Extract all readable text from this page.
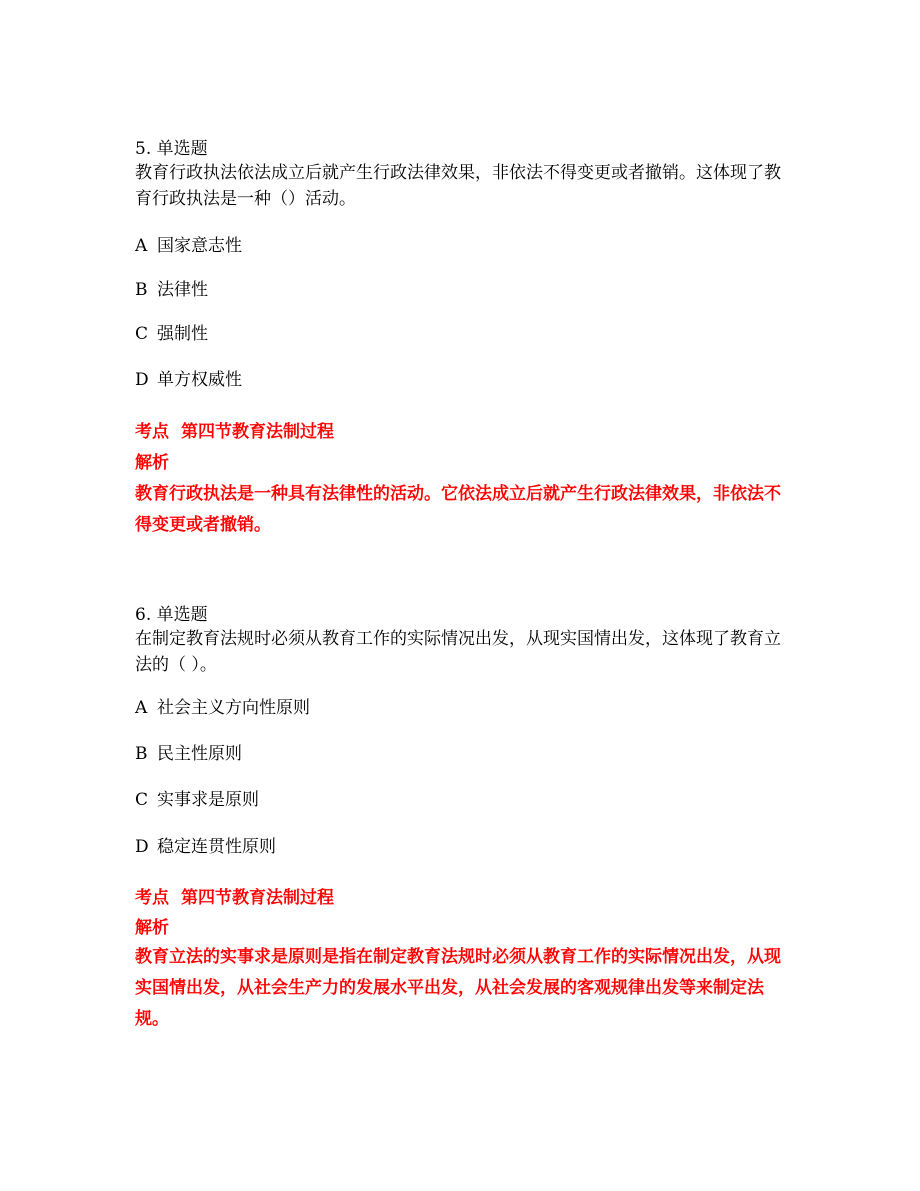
5. 单选题

教育行政执法依法成立后就产生行政法律效果，非依法不得变更或者撤销。这体现了教育行政执法是一种（）活动。

A 国家意志性
B 法律性
C 强制性
D 单方权威性
考点 第四节教育法制过程
解析
教育行政执法是一种具有法律性的活动。它依法成立后就产生行政法律效果，非依法不得变更或者撤销。

6. 单选题

在制定教育法规时必须从教育工作的实际情况出发，从现实国情出发，这体现了教育立法的（ ）。

A 社会主义方向性原则
B 民主性原则
C 实事求是原则
D 稳定连贯性原则
考点 第四节教育法制过程
解析
教育立法的实事求是原则是指在制定教育法规时必须从教育工作的实际情况出发，从现实国情出发，从社会生产力的发展水平出发，从社会发展的客观规律出发等来制定法规。
